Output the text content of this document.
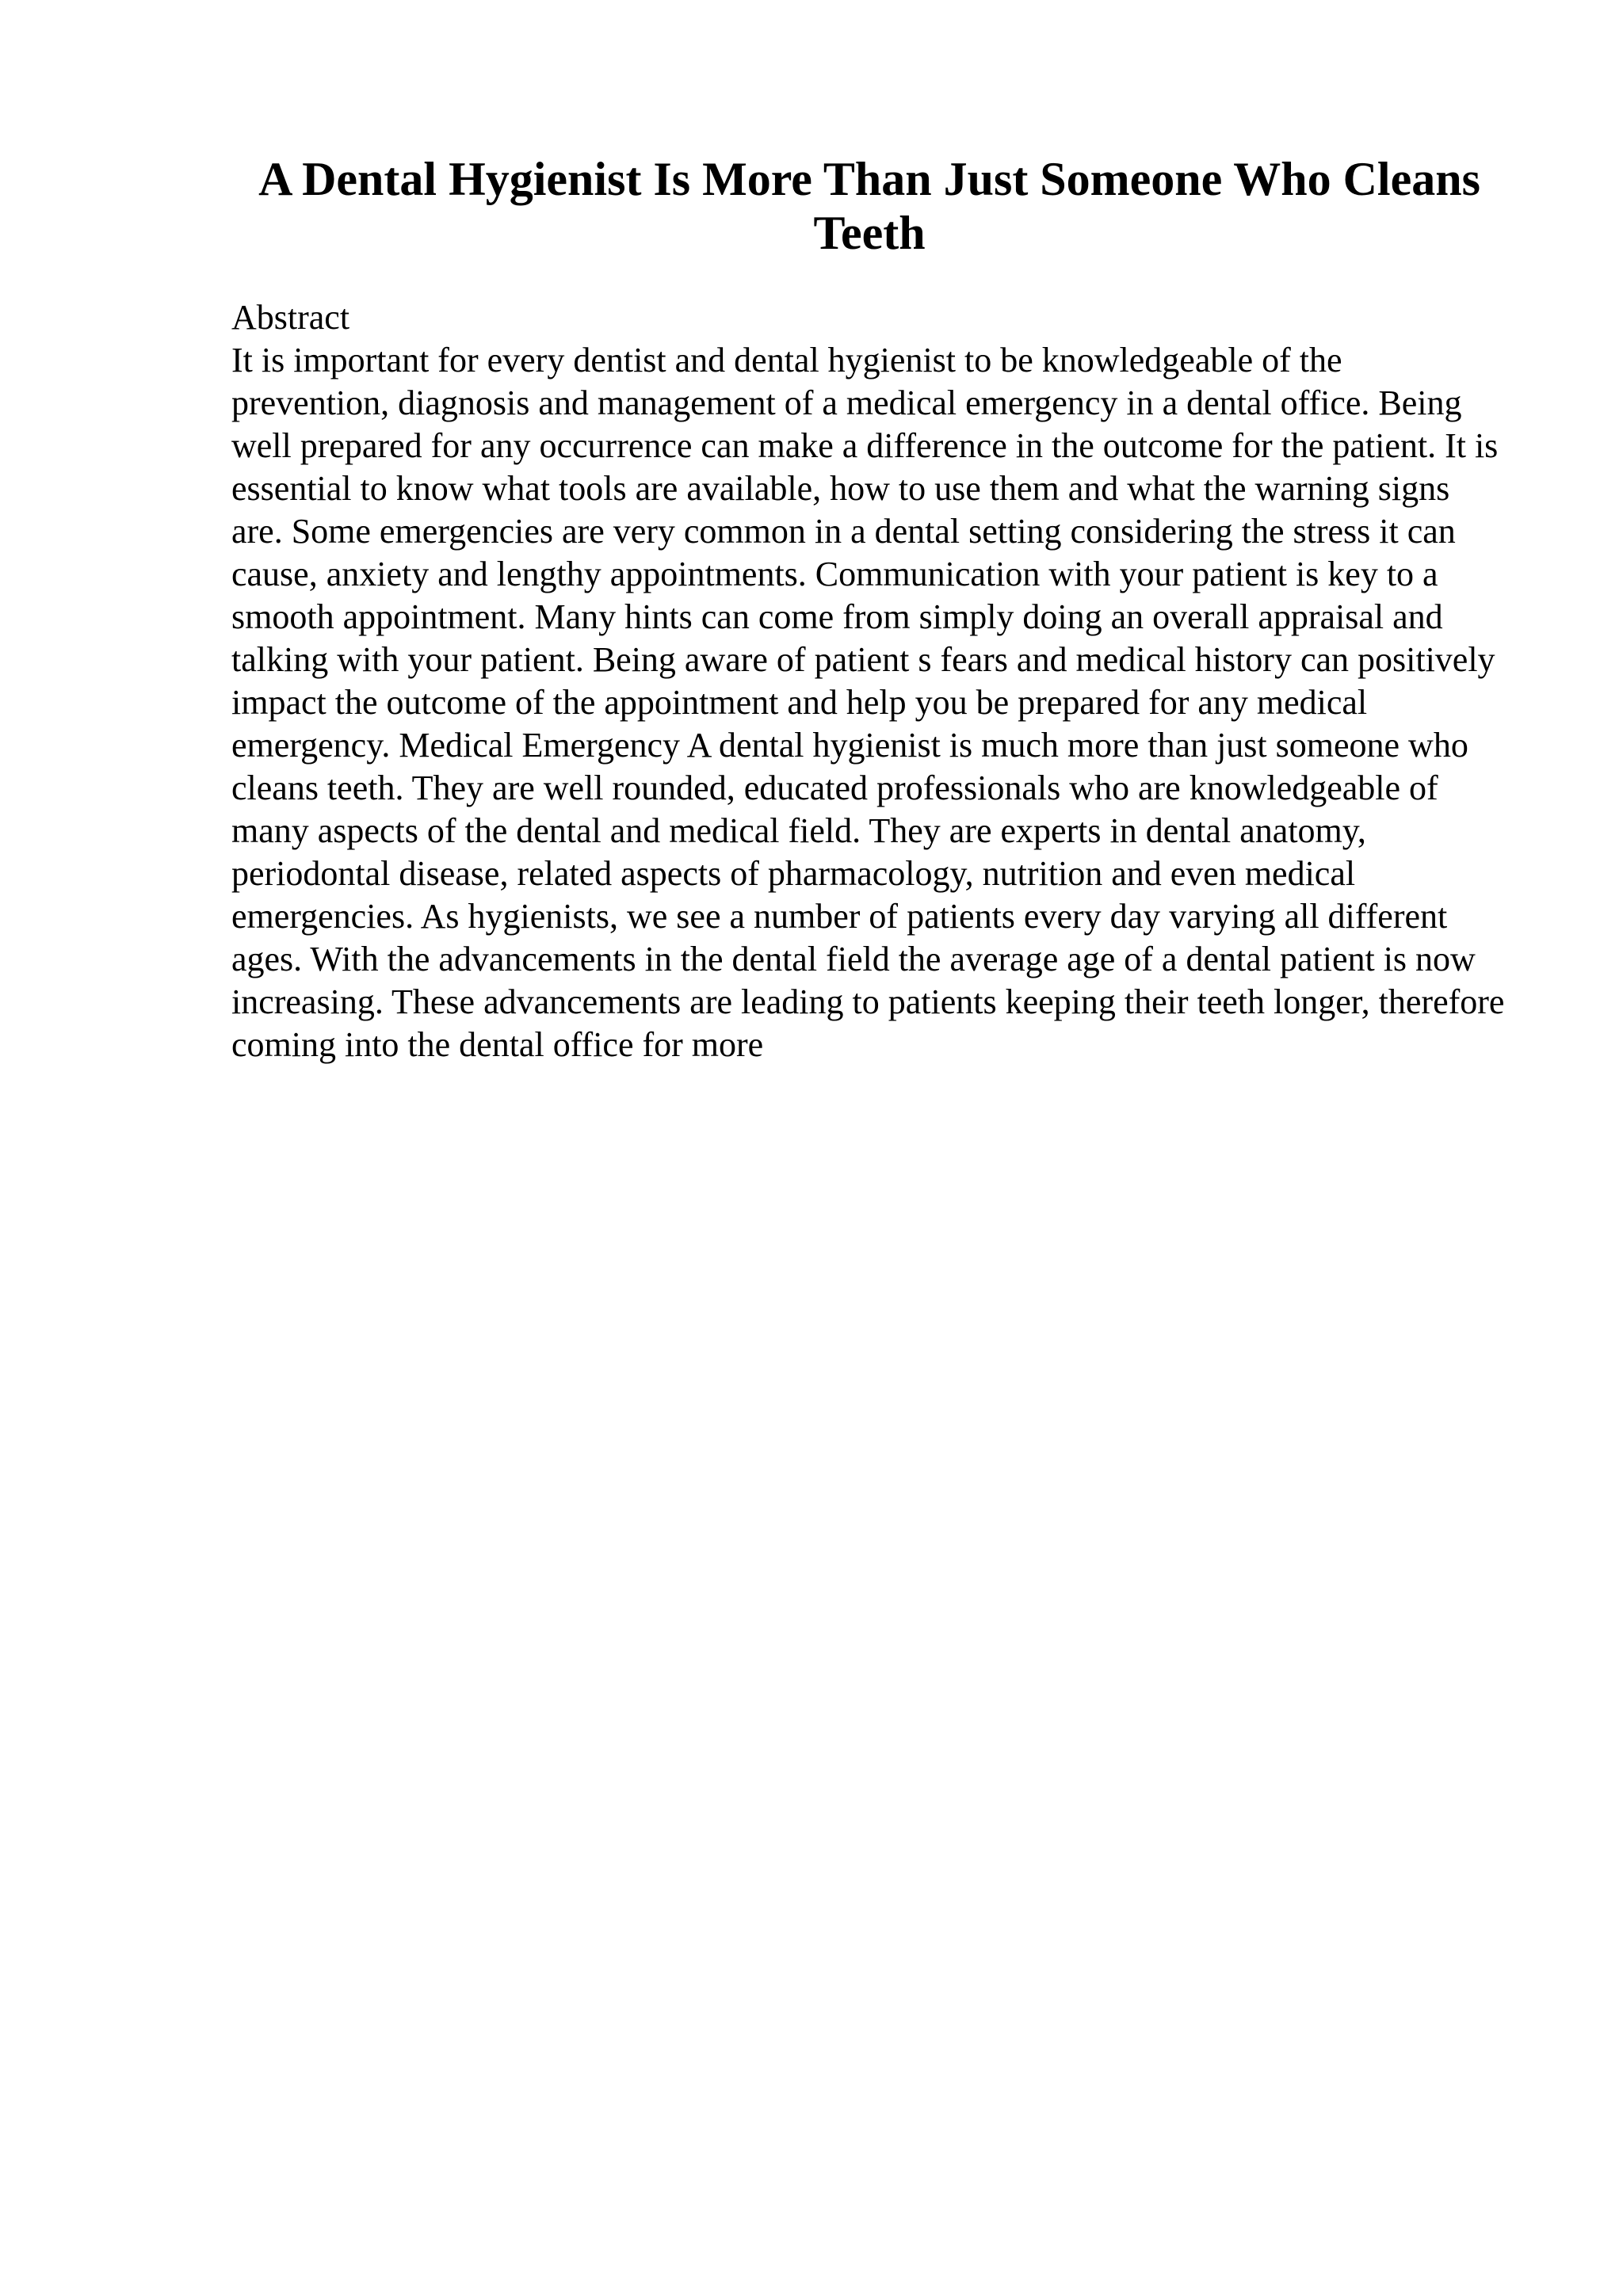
A Dental Hygienist Is More Than Just Someone Who Cleans Teeth
Abstract

It is important for every dentist and dental hygienist to be knowledgeable of the prevention, diagnosis and management of a medical emergency in a dental office. Being well prepared for any occurrence can make a difference in the outcome for the patient. It is essential to know what tools are available, how to use them and what the warning signs are. Some emergencies are very common in a dental setting considering the stress it can cause, anxiety and lengthy appointments. Communication with your patient is key to a smooth appointment. Many hints can come from simply doing an overall appraisal and talking with your patient. Being aware of patient s fears and medical history can positively impact the outcome of the appointment and help you be prepared for any medical emergency. Medical Emergency A dental hygienist is much more than just someone who cleans teeth. They are well rounded, educated professionals who are knowledgeable of many aspects of the dental and medical field. They are experts in dental anatomy, periodontal disease, related aspects of pharmacology, nutrition and even medical emergencies. As hygienists, we see a number of patients every day varying all different ages. With the advancements in the dental field the average age of a dental patient is now increasing. These advancements are leading to patients keeping their teeth longer, therefore coming into the dental office for more
